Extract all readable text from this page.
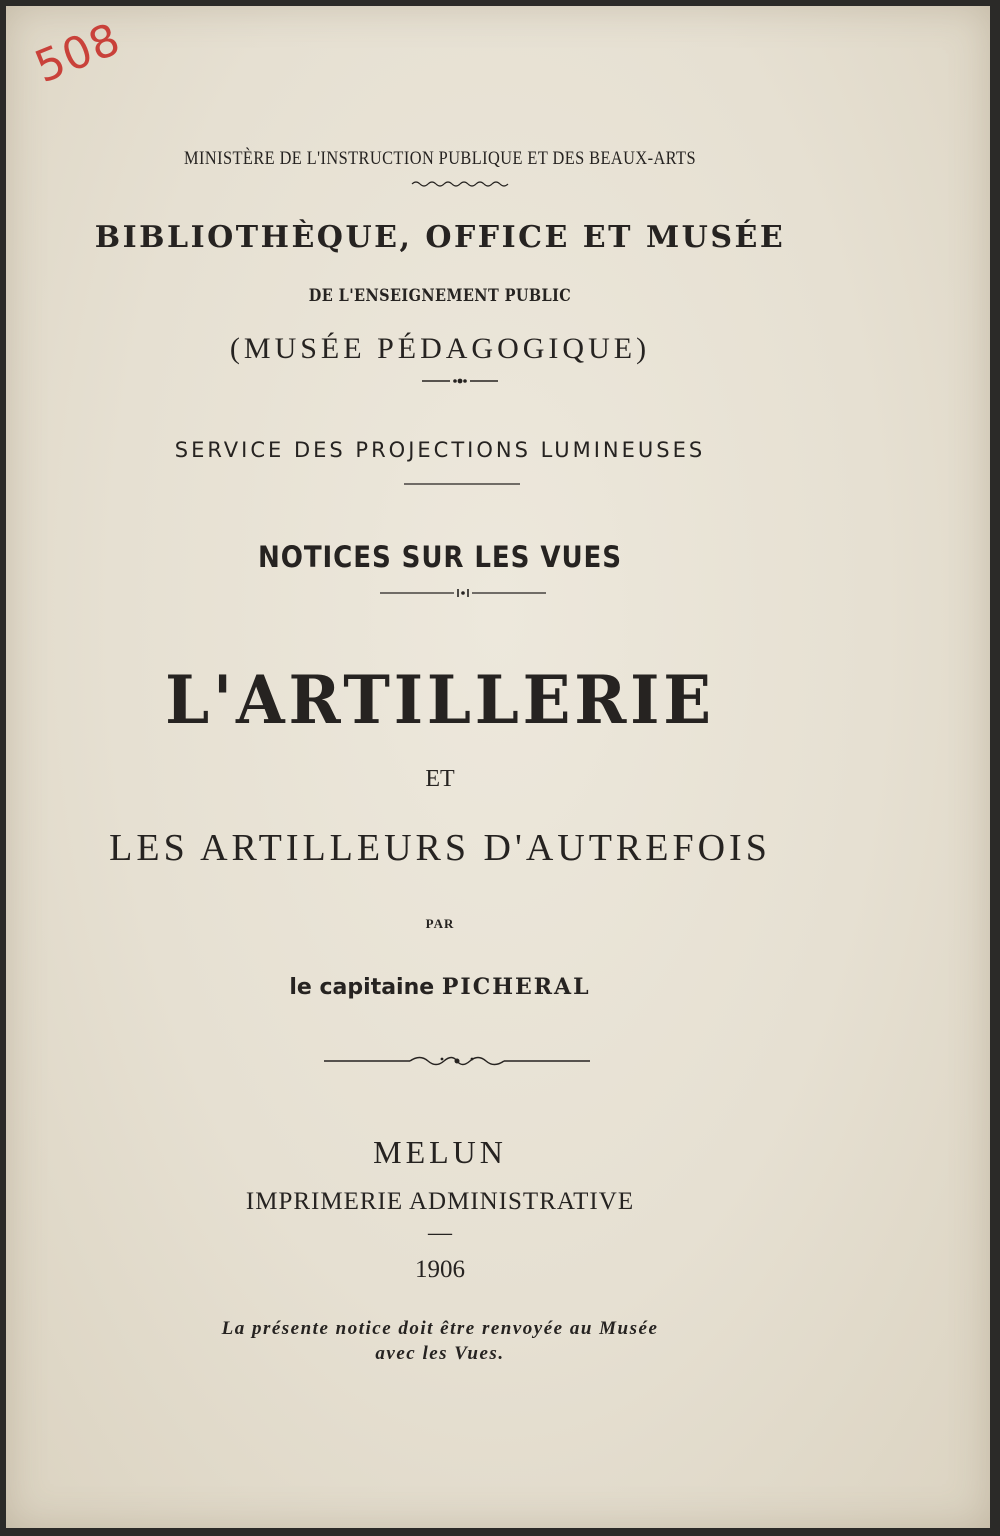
508
MINISTÈRE DE L'INSTRUCTION PUBLIQUE ET DES BEAUX-ARTS
BIBLIOTHÈQUE, OFFICE ET MUSÉE
DE L'ENSEIGNEMENT PUBLIC
(MUSÉE PÉDAGOGIQUE)
SERVICE DES PROJECTIONS LUMINEUSES
NOTICES SUR LES VUES
L'ARTILLERIE
ET
LES ARTILLEURS D'AUTREFOIS
PAR
le capitaine PICHERAL
MELUN
IMPRIMERIE ADMINISTRATIVE
—
1906
La présente notice doit être renvoyée au Musée
avec les Vues.
